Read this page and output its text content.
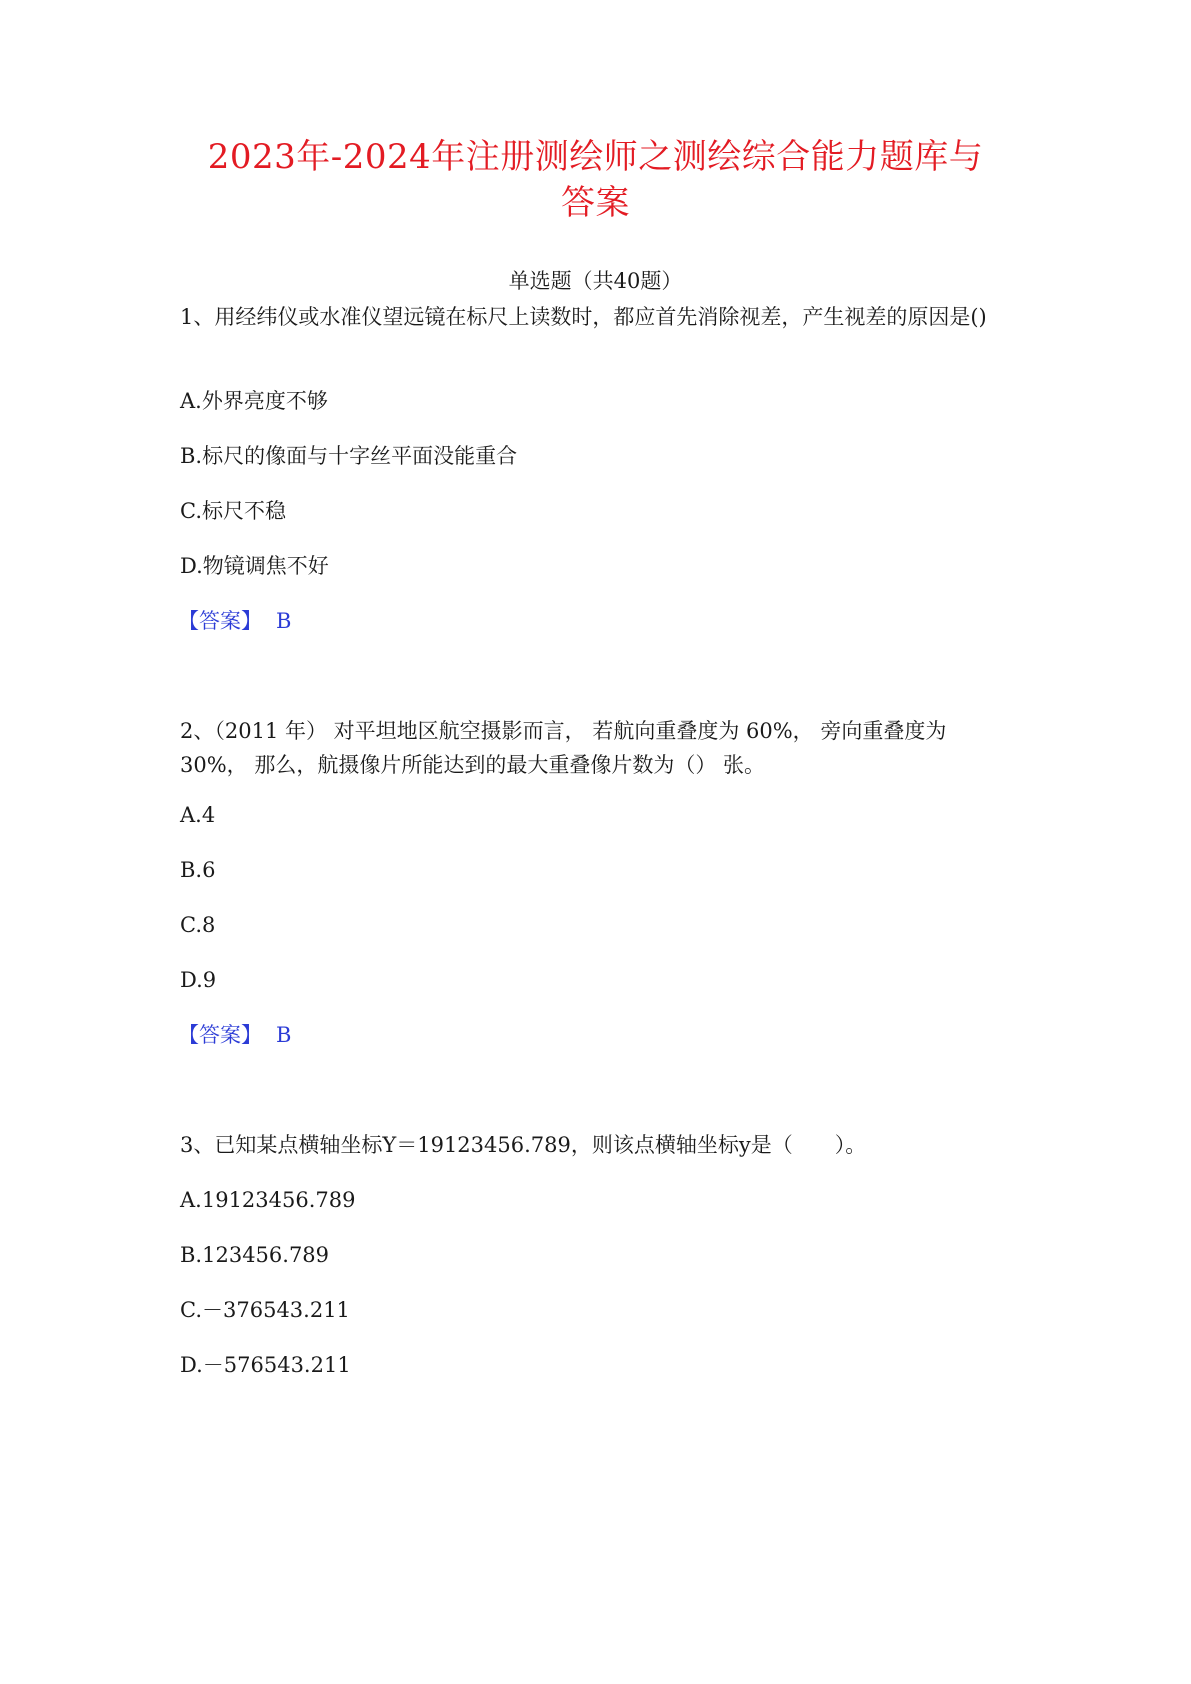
2023年-2024年注册测绘师之测绘综合能力题库与
答案
单选题（共40题）
1、用经纬仪或水准仪望远镜在标尺上读数时，都应首先消除视差，产生视差的原因是()
A.外界亮度不够
B.标尺的像面与十字丝平面没能重合
C.标尺不稳
D.物镜调焦不好
【答案】 B
2、（2011 年） 对平坦地区航空摄影而言， 若航向重叠度为 60%， 旁向重叠度为 30%， 那么，航摄像片所能达到的最大重叠像片数为（） 张。
A.4
B.6
C.8
D.9
【答案】 B
3、已知某点横轴坐标Y＝19123456.789，则该点横轴坐标y是（　　）。
A.19123456.789
B.123456.789
C.－376543.211
D.－576543.211
